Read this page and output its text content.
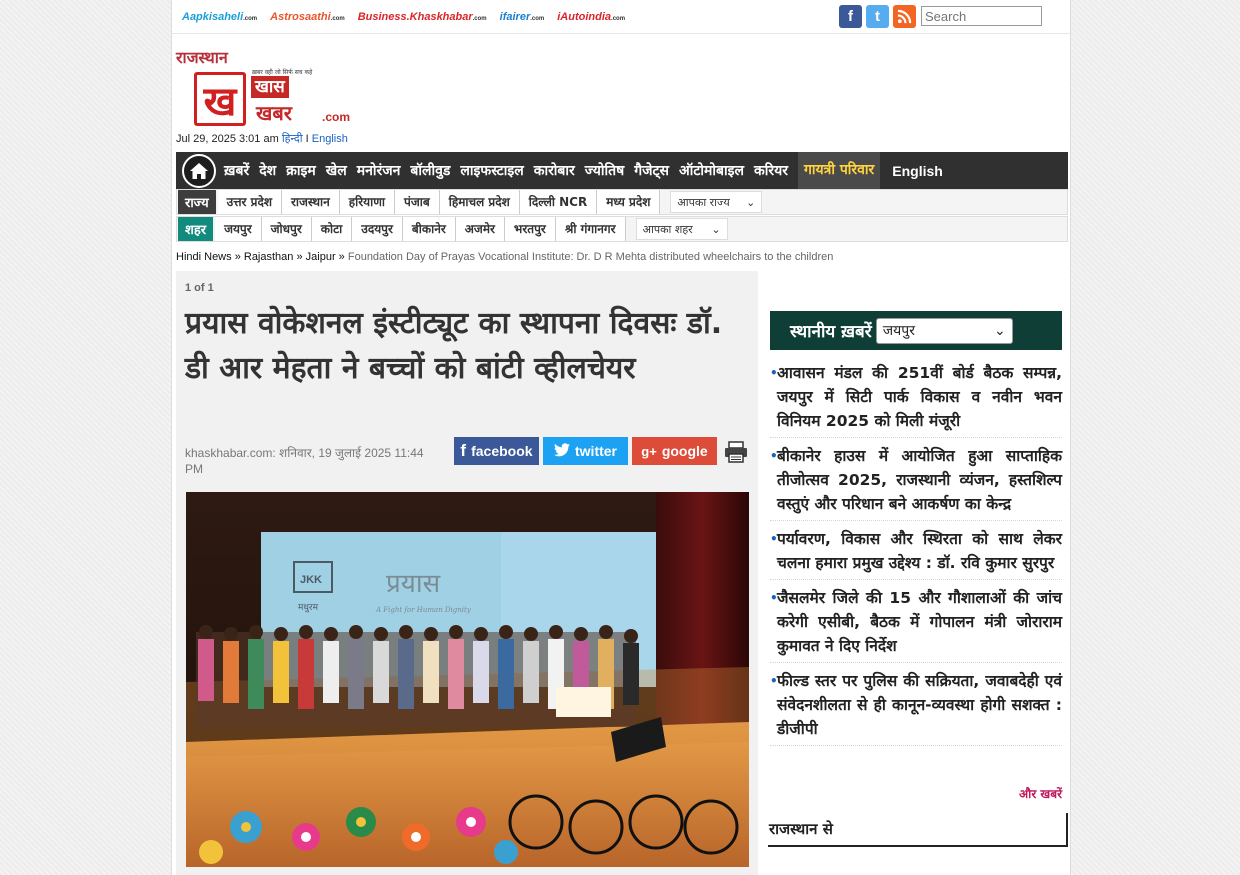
Aapkisaheli.com Astrosaathi.com Business.Khaskhabar.com ifairer.com iAutoindia.com	f	t
Search
राजस्थान
ख
ख़बर वही जो सिर्फ सच कहे
खास
खबर	.com
Jul 29, 2025 3:01 am हिन्दी I English
ख़बरें देश क्राइम खेल मनोरंजन बॉलीवुड लाइफस्टाइल कारोबार ज्योतिष गैजेट्स ऑटोमोबाइल करियर	गायत्री परिवार	English
राज्य	उत्तर प्रदेश	राजस्थान	हरियाणा	पंजाब	हिमाचल प्रदेश	दिल्ली NCR	मध्य प्रदेश	आपका राज्य ⌄
शहर	जयपुर	जोधपुर	कोटा	उदयपुर	बीकानेर	अजमेर	भरतपुर	श्री गंगानगर	आपका शहर ⌄
Hindi News » Rajasthan » Jaipur » Foundation Day of Prayas Vocational Institute: Dr. D R Mehta distributed wheelchairs to the children
1 of 1
प्रयास वोकेशनल इंस्टीट्यूट का स्थापना दिवसः डॉ. डी आर मेहता ने बच्चों को बांटी व्हीलचेयर
khaskhabar.com: शनिवार, 19 जुलाई 2025 11:44 PM
f facebook	twitter g+ google
JKK
मधुरम
प्रयास
A Fight for Human Dignity
स्थानीय ख़बरें जयपुर	⌄
• आवासन मंडल की 251वीं बोर्ड बैठक सम्पन्न, जयपुर में सिटी पार्क विकास व नवीन भवन विनियम 2025 को मिली मंजूरी
• बीकानेर हाउस में आयोजित हुआ साप्ताहिक तीजोत्सव 2025, राजस्थानी व्यंजन, हस्तशिल्प वस्तुएं और परिधान बने आकर्षण का केन्द्र
• पर्यावरण, विकास और स्थिरता को साथ लेकर चलना हमारा प्रमुख उद्देश्य : डॉ. रवि कुमार सुरपुर
• जैसलमेर जिले की 15 और गौशालाओं की जांच करेगी एसीबी, बैठक में गोपालन मंत्री जोराराम कुमावत ने दिए निर्देश
• फील्ड स्तर पर पुलिस की सक्रियता, जवाबदेही एवं संवेदनशीलता से ही कानून-व्यवस्था होगी सशक्त : डीजीपी
और खबरें
राजस्थान से
